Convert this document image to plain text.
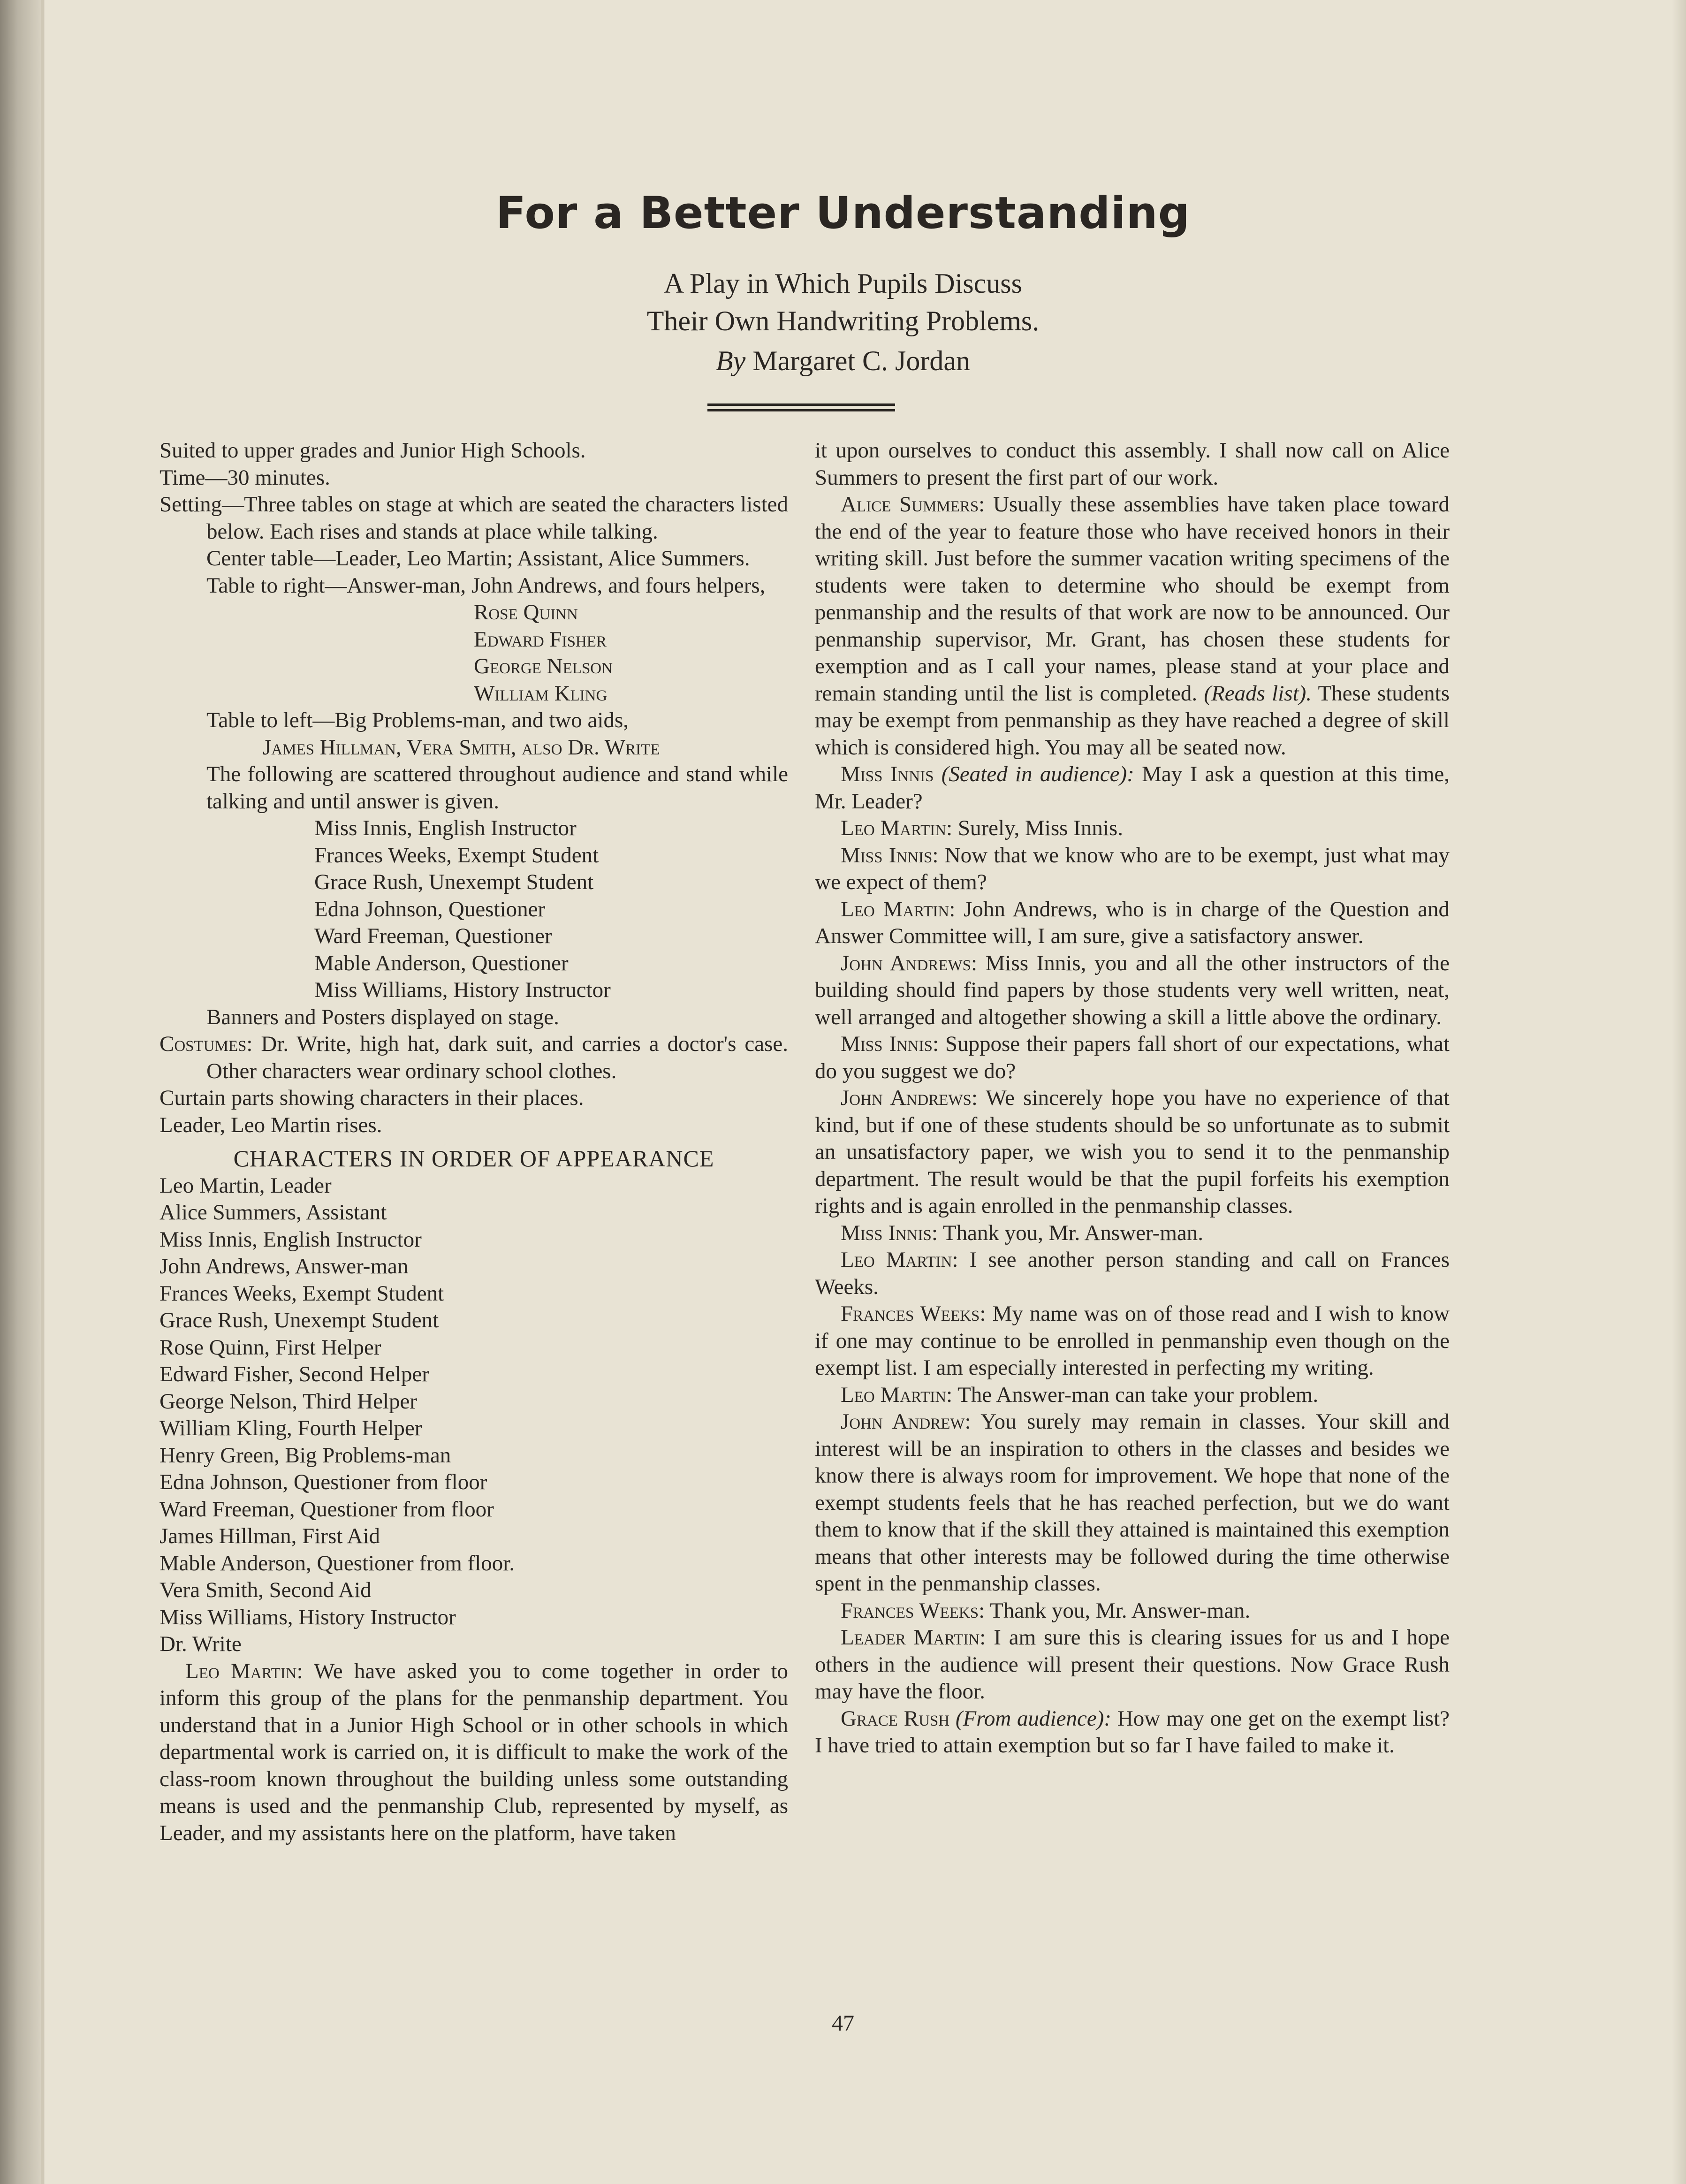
For a Better Understanding
A Play in Which Pupils Discuss
Their Own Handwriting Problems.
By Margaret C. Jordan

Suited to upper grades and Junior High Schools.

Time—30 minutes.

Setting—Three tables on stage at which are seated the characters listed below. Each rises and stands at place while talking.

Center table—Leader, Leo Martin; Assistant, Alice Summers.

Table to right—Answer-man, John Andrews, and fours helpers,

Rose Quinn

Edward Fisher

George Nelson

William Kling

Table to left—Big Problems-man, and two aids,

James Hillman, Vera Smith, also Dr. Write

The following are scattered throughout audience and stand while talking and until answer is given.

Miss Innis, English Instructor

Frances Weeks, Exempt Student

Grace Rush, Unexempt Student

Edna Johnson, Questioner

Ward Freeman, Questioner

Mable Anderson, Questioner

Miss Williams, History Instructor

Banners and Posters displayed on stage.

Costumes: Dr. Write, high hat, dark suit, and carries a doctor's case. Other characters wear ordinary school clothes.

Curtain parts showing characters in their places.

Leader, Leo Martin rises.

CHARACTERS IN ORDER OF APPEARANCE

Leo Martin, Leader

Alice Summers, Assistant

Miss Innis, English Instructor

John Andrews, Answer-man

Frances Weeks, Exempt Student

Grace Rush, Unexempt Student

Rose Quinn, First Helper

Edward Fisher, Second Helper

George Nelson, Third Helper

William Kling, Fourth Helper

Henry Green, Big Problems-man

Edna Johnson, Questioner from floor

Ward Freeman, Questioner from floor

James Hillman, First Aid

Mable Anderson, Questioner from floor.

Vera Smith, Second Aid

Miss Williams, History Instructor

Dr. Write

Leo Martin: We have asked you to come together in order to inform this group of the plans for the penmanship department. You understand that in a Junior High School or in other schools in which departmental work is carried on, it is difficult to make the work of the class-room known throughout the building unless some outstanding means is used and the penmanship Club, represented by myself, as Leader, and my assistants here on the platform, have taken

it upon ourselves to conduct this assembly. I shall now call on Alice Summers to present the first part of our work.

Alice Summers: Usually these assemblies have taken place toward the end of the year to feature those who have received honors in their writing skill. Just before the summer vacation writing specimens of the students were taken to determine who should be exempt from penmanship and the results of that work are now to be announced. Our penmanship supervisor, Mr. Grant, has chosen these students for exemption and as I call your names, please stand at your place and remain standing until the list is completed. (Reads list). These students may be exempt from penmanship as they have reached a degree of skill which is considered high. You may all be seated now.

Miss Innis (Seated in audience): May I ask a question at this time, Mr. Leader?

Leo Martin: Surely, Miss Innis.

Miss Innis: Now that we know who are to be exempt, just what may we expect of them?

Leo Martin: John Andrews, who is in charge of the Question and Answer Committee will, I am sure, give a satisfactory answer.

John Andrews: Miss Innis, you and all the other instructors of the building should find papers by those students very well written, neat, well arranged and altogether showing a skill a little above the ordinary.

Miss Innis: Suppose their papers fall short of our expectations, what do you suggest we do?

John Andrews: We sincerely hope you have no experience of that kind, but if one of these students should be so unfortunate as to submit an unsatisfactory paper, we wish you to send it to the penmanship department. The result would be that the pupil forfeits his exemption rights and is again enrolled in the penmanship classes.

Miss Innis: Thank you, Mr. Answer-man.

Leo Martin: I see another person standing and call on Frances Weeks.

Frances Weeks: My name was on of those read and I wish to know if one may continue to be enrolled in penmanship even though on the exempt list. I am especially interested in perfecting my writing.

Leo Martin: The Answer-man can take your problem.

John Andrew: You surely may remain in classes. Your skill and interest will be an inspiration to others in the classes and besides we know there is always room for improvement. We hope that none of the exempt students feels that he has reached perfection, but we do want them to know that if the skill they attained is maintained this exemption means that other interests may be followed during the time otherwise spent in the penmanship classes.

Frances Weeks: Thank you, Mr. Answer-man.

Leader Martin: I am sure this is clearing issues for us and I hope others in the audience will present their questions. Now Grace Rush may have the floor.

Grace Rush (From audience): How may one get on the exempt list? I have tried to attain exemption but so far I have failed to make it.

47
